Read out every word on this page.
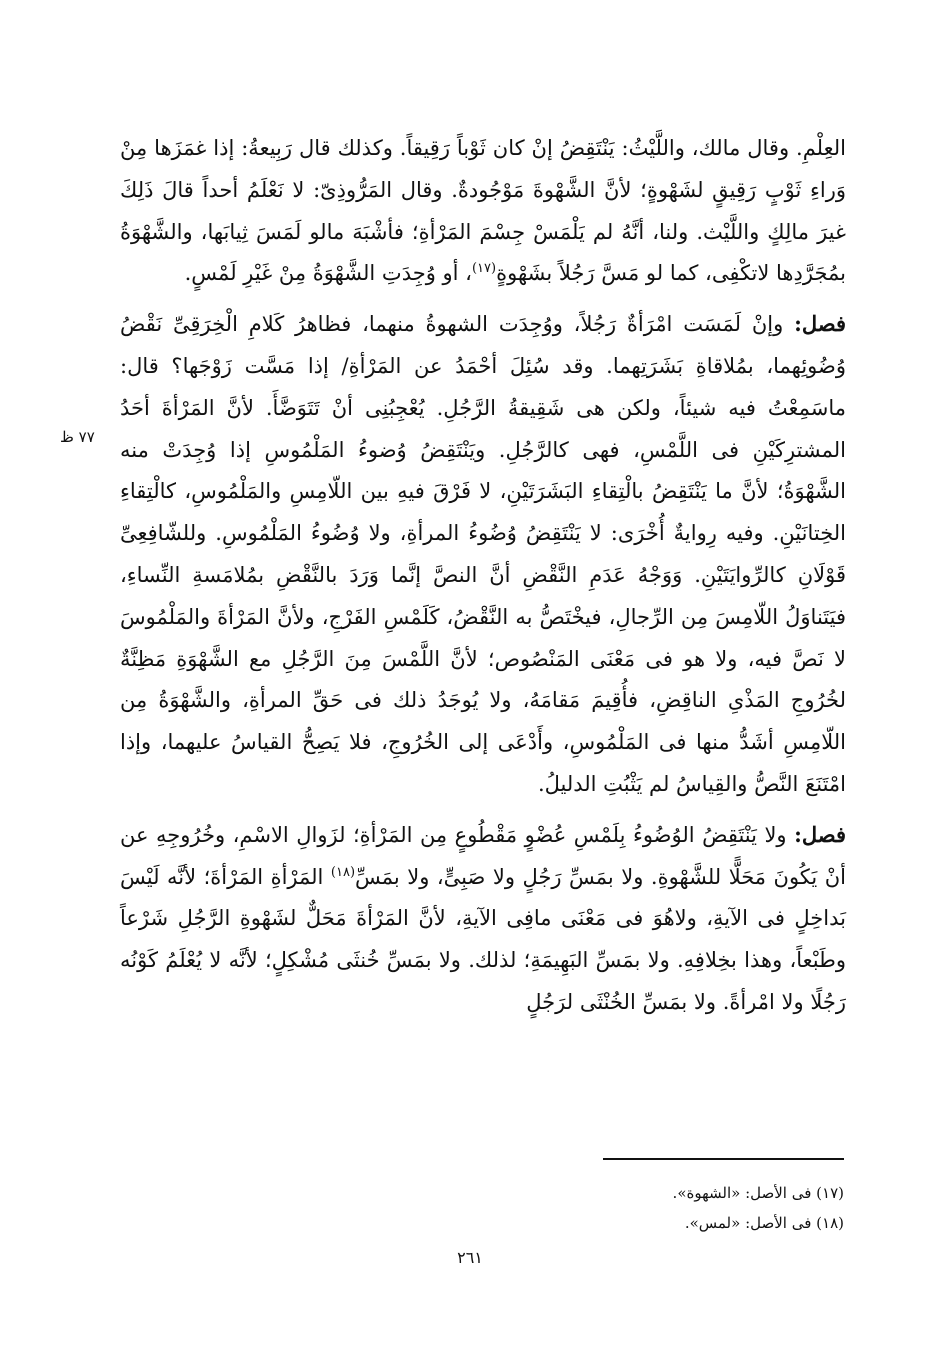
العِلْمِ. وقال مالك، واللَّيْثُ: يَنْتَقِضُ إنْ كان ثَوْباً رَقِيقاً. وكذلك قال رَبِيعةُ: إذا غمَزَها مِنْ وَراءِ ثَوْبٍ رَقِيقٍ لشَهْوةٍ؛ لأنَّ الشَّهْوةَ مَوْجُودةٌ. وقال المَرُّوذِىّ: لا نَعْلَمُ أحداً قالَ ذَلِكَ غيرَ مالِكٍ واللَّيْث. ولنا، أنَّهُ لم يَلْمَسْ جِسْمَ المَرْأةِ؛ فأشْبَهَ مالو لَمَسَ ثِيابَها، والشَّهْوَةُ بمُجَرَّدِها لاتكْفِى، كما لو مَسَّ رَجُلاً بشَهْوةٍ$^{(١٧)}$، أو وُجِدَتِ الشَّهْوَةُ مِنْ غَيْرِ لَمْسٍ.

فصل: وإنْ لَمَسَت امْرَأةٌ رَجُلاً، ووُجِدَت الشهوةُ منهما، فظاهرُ كَلامِ الْخِرَقِىِّ نَقْضُ وُضُوئِهما، بمُلاقاةِ بَشَرَتِهما. وقد سُئِلَ أحْمَدُ عن المَرْأةِ/ إذا مَسَّت زَوْجَها؟ قال: ماسَمِعْتُ فيه شيئاً، ولكن هى شَقِيقةُ الرَّجُلِ. يُعْجِبُنِى أنْ تَتَوَضَّأَ. لأنَّ المَرْأةَ أحَدُ المشترِكَيْنِ فى اللَّمْسِ، فهى كالرَّجُلِ. ويَنْتَقِضُ وُضوءُ المَلْمُوسِ إذا وُجِدَتْ منه الشَّهْوَةُ؛ لأنَّ ما يَنْتَقِضُ بالْتِقاءِ البَشَرَتَيْنِ، لا فَرْقَ فيهِ بين اللّامِسِ والمَلْمُوسِ، كالْتِقاءِ الخِتانَيْنِ. وفيه رِوايةٌ أُخْرَى: لا يَنْتَقِضُ وُضُوءُ المرأةِ، ولا وُضُوءُ المَلْمُوسِ. وللشّافِعِىِّ قَوْلَانِ كالرِّوايَتَيْنِ. وَوَجْهُ عَدَمِ النَّقْضِ أنَّ النصَّ إنَّما وَرَدَ بالنَّقْضِ بمُلامَسةِ النِّساءِ، فيَتَناوَلُ اللّامِسَ مِن الرِّجالِ، فيخْتَصُّ به النَّقْضُ، كَلَمْسِ الفَرْجِ، ولأنَّ المَرْأةَ والمَلْمُوسَ لا نَصَّ فيه، ولا هو فى مَعْنَى المَنْصُوص؛ لأنَّ اللَّمْسَ مِنَ الرَّجُلِ مع الشَّهْوَةِ مَظِنَّةٌ لخُرُوجِ المَذْىِ الناقِضِ، فأُقِيمَ مَقامَهُ، ولا يُوجَدُ ذلك فى حَقِّ المرأةِ، والشَّهْوَةُ مِن اللّامِسِ أشَدُّ منها فى المَلْمُوسِ، وأَدْعَى إلى الخُرُوجِ، فلا يَصِحُّ القياسُ عليهما، وإذا امْتَنَعَ النَّصُّ والقِياسُ لم يَثْبُتِ الدليلُ.

فصل: ولا يَنْتَقِضُ الوُضُوءُ بِلَمْسِ عُضْوٍ مَقْطُوعٍ مِن المَرْأةِ؛ لزَوالِ الاسْمِ، وخُرُوجِهِ عن أنْ يَكُونَ مَحَلًّا للشَّهْوةِ. ولا بمَسِّ رَجُلٍ ولا صَبِىٍّ، ولا بمَسِّ$^{(١٨)}$ المَرْأةِ المَرْأةَ؛ لأنَّه لَيْسَ بَداخِلٍ فى الآيةِ، ولاهُوَ فى مَعْنَى مافِى الآيةِ، لأنَّ المَرْأةَ مَحَلٌّ لشَهْوةِ الرَّجُلِ شَرْعاً وطَبْعاً، وهذا بخِلافِهِ. ولا بمَسِّ البَهِيمَةِ؛ لذلك. ولا بمَسِّ خُنثَى مُشْكِلٍ؛ لأنَّه لا يُعْلَمُ كَوْنُه رَجُلًا ولا امْرأةً. ولا بمَسِّ الخُنْثَى لرَجُلٍ

٧٧ ظ

(١٧) فى الأصل: «الشهوة».

(١٨) فى الأصل: «لمس».

٢٦١
